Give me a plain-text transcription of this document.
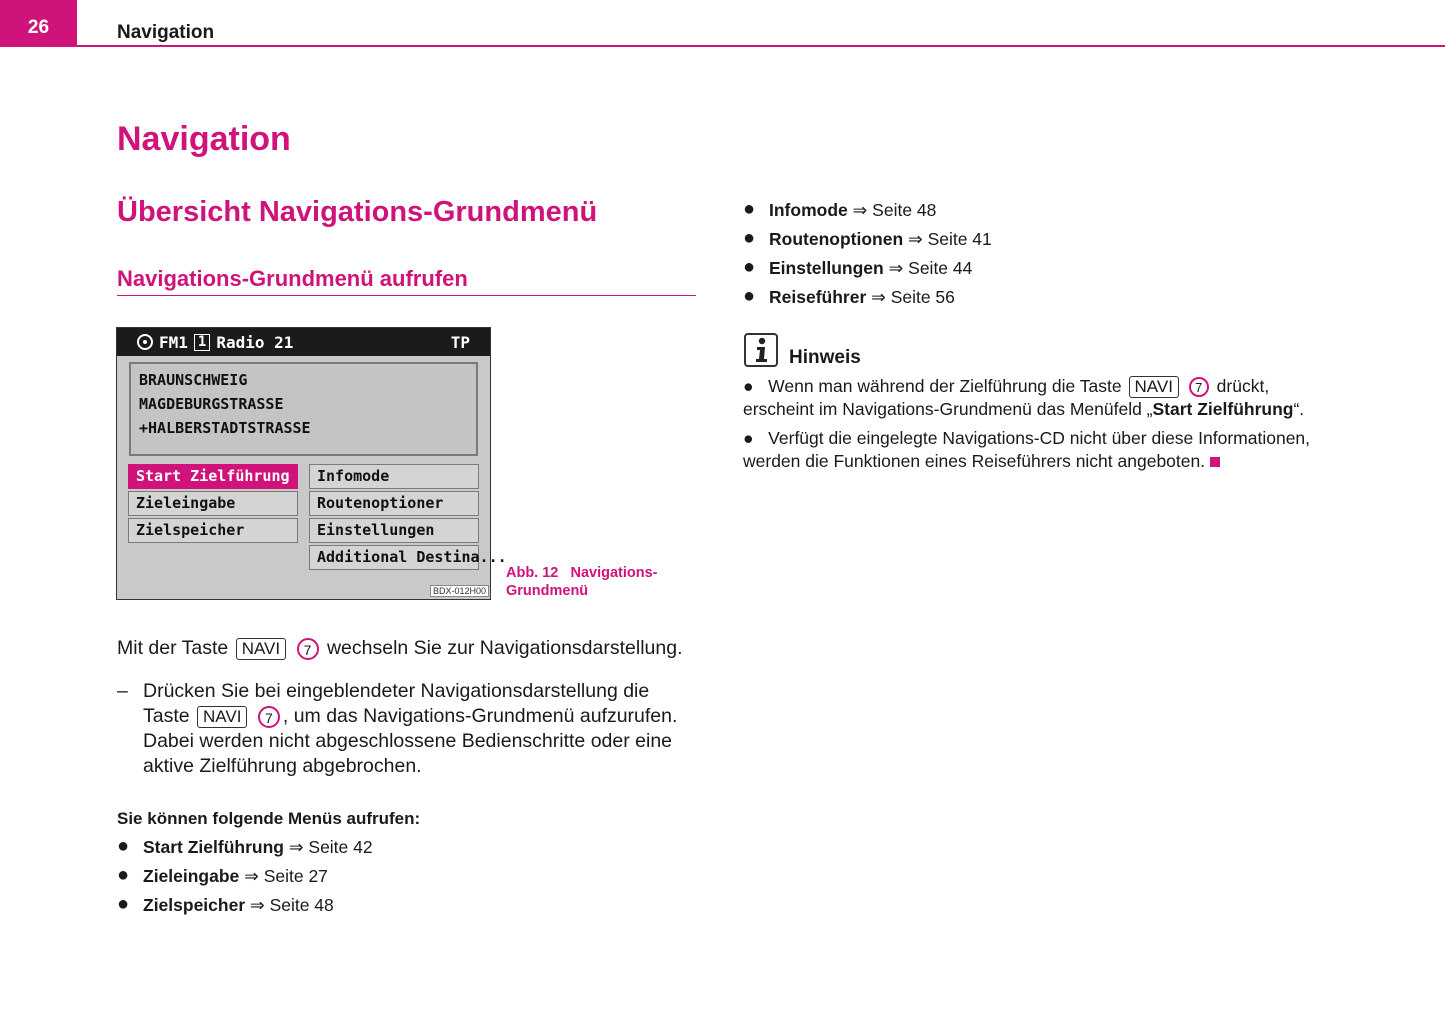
26	Navigation
Navigation
Übersicht Navigations-Grundmenü
Navigations-Grundmenü aufrufen
FM1 1 Radio 21	TP
BRAUNSCHWEIG
MAGDEBURGSTRASSE
+HALBERSTADTSTRASSE
Start Zielführung
Zieleingabe
Zielspeicher
Infomode
Routenoptioner
Einstellungen
Additional Destina...
BDX-012H00
Abb. 12 Navigations-
Grundmenü
Mit der Taste NAVI 7 wechseln Sie zur Navigationsdarstellung.
– Drücken Sie bei eingeblendeter Navigationsdarstellung die
Taste NAVI 7 , um das Navigations-Grundmenü aufzurufen.
Dabei werden nicht abgeschlossene Bedienschritte oder eine
aktive Zielführung abgebrochen.
Sie können folgende Menüs aufrufen:
● Start Zielführung ⇒ Seite 42
● Zieleingabe ⇒ Seite 27
● Zielspeicher ⇒ Seite 48
● Infomode ⇒ Seite 48
● Routenoptionen ⇒ Seite 41
● Einstellungen ⇒ Seite 44
● Reiseführer ⇒ Seite 56
Hinweis
● Wenn man während der Zielführung die Taste NAVI 7 drückt,
erscheint im Navigations-Grundmenü das Menüfeld „Start Zielführung“.
● Verfügt die eingelegte Navigations-CD nicht über diese Informationen,
werden die Funktionen eines Reiseführers nicht angeboten.
